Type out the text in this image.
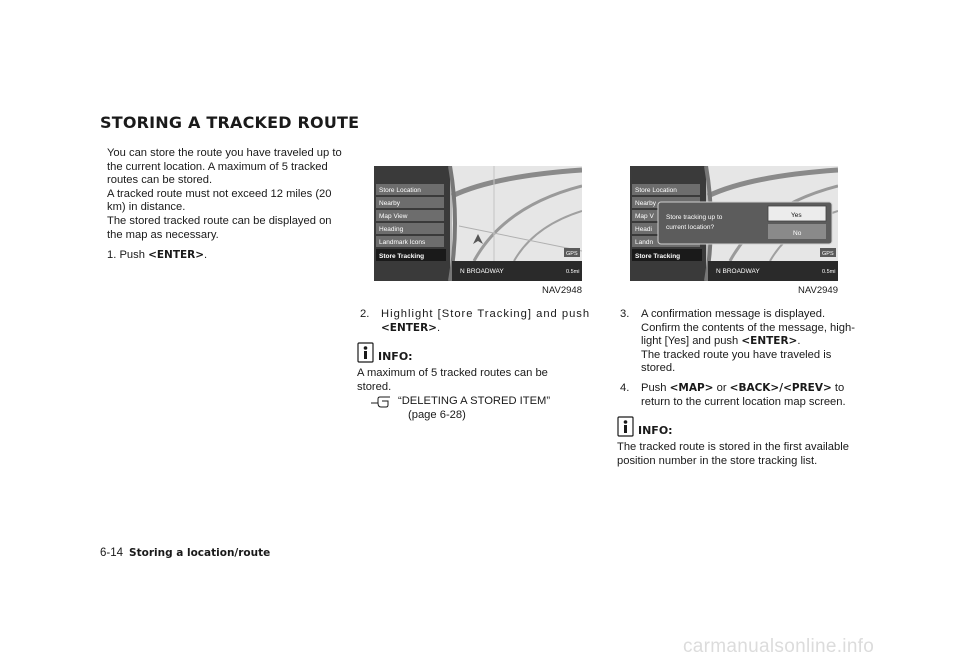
STORING A TRACKED ROUTE

You can store the route you have traveled up to

the current location. A maximum of 5 tracked

routes can be stored.

A tracked route must not exceed 12 miles (20

km) in distance.

The stored tracked route can be displayed on

the map as necessary.

1. Push <ENTER>.

Store Location
Nearby
Map View
Heading
Landmark Icons
Store Tracking	GPS
N BROADWAY	0.5mi
NAV2948
Store Location
Nearby
Map V
Headi
Landn
Store Tracking
Store tracking up to
current location?
Yes
No
GPS
N BROADWAY	0.5mi
NAV2949
2. Highlight [Store Tracking] and push

<ENTER>.

INFO:

A maximum of 5 tracked routes can be

stored.

“DELETING A STORED ITEM”

(page 6-28)

3. A confirmation message is displayed.

Confirm the contents of the message, high-

light [Yes] and push <ENTER>.

The tracked route you have traveled is

stored.

4. Push <MAP> or <BACK>/<PREV> to

return to the current location map screen.

INFO:

The tracked route is stored in the first available

position number in the store tracking list.

6-14 Storing a location/route
carmanualsonline.info
